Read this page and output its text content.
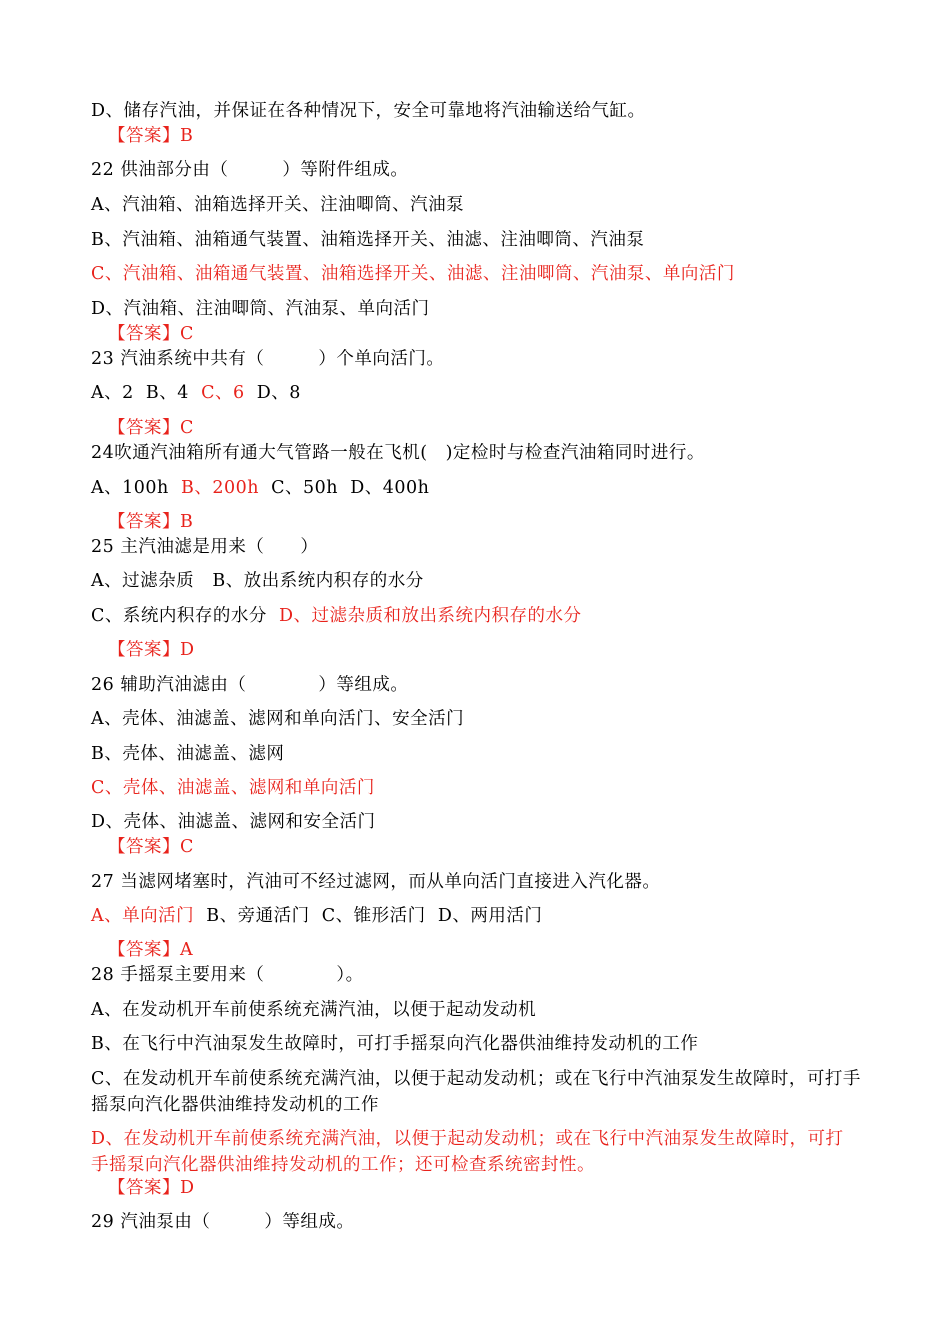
D、储存汽油，并保证在各种情况下，安全可靠地将汽油输送给气缸。
【答案】B
22 供油部分由（　　　）等附件组成。
A、汽油箱、油箱选择开关、注油唧筒、汽油泵
B、汽油箱、油箱通气装置、油箱选择开关、油滤、注油唧筒、汽油泵
C、汽油箱、油箱通气装置、油箱选择开关、油滤、注油唧筒、汽油泵、单向活门
D、汽油箱、注油唧筒、汽油泵、单向活门
【答案】C
23 汽油系统中共有（　　　）个单向活门。
A、2 B、4 C、6 D、8
【答案】C
24吹通汽油箱所有通大气管路一般在飞机(　)定检时与检查汽油箱同时进行。
A、100h B、200h C、50h D、400h
【答案】B
25 主汽油滤是用来（　　）
A、过滤杂质 B、放出系统内积存的水分
C、系统内积存的水分 D、过滤杂质和放出系统内积存的水分
【答案】D
26 辅助汽油滤由（　　　　）等组成。
A、壳体、油滤盖、滤网和单向活门、安全活门
B、壳体、油滤盖、滤网
C、壳体、油滤盖、滤网和单向活门
D、壳体、油滤盖、滤网和安全活门
【答案】C
27 当滤网堵塞时，汽油可不经过滤网，而从单向活门直接进入汽化器。
A、单向活门 B、旁通活门 C、锥形活门 D、两用活门
【答案】A
28 手摇泵主要用来（　　　　）。
A、在发动机开车前使系统充满汽油，以便于起动发动机
B、在飞行中汽油泵发生故障时，可打手摇泵向汽化器供油维持发动机的工作
C、在发动机开车前使系统充满汽油，以便于起动发动机；或在飞行中汽油泵发生故障时，可打手摇泵向汽化器供油维持发动机的工作
D、在发动机开车前使系统充满汽油，以便于起动发动机；或在飞行中汽油泵发生故障时，可打手摇泵向汽化器供油维持发动机的工作；还可检查系统密封性。
【答案】D
29 汽油泵由（　　　）等组成。
